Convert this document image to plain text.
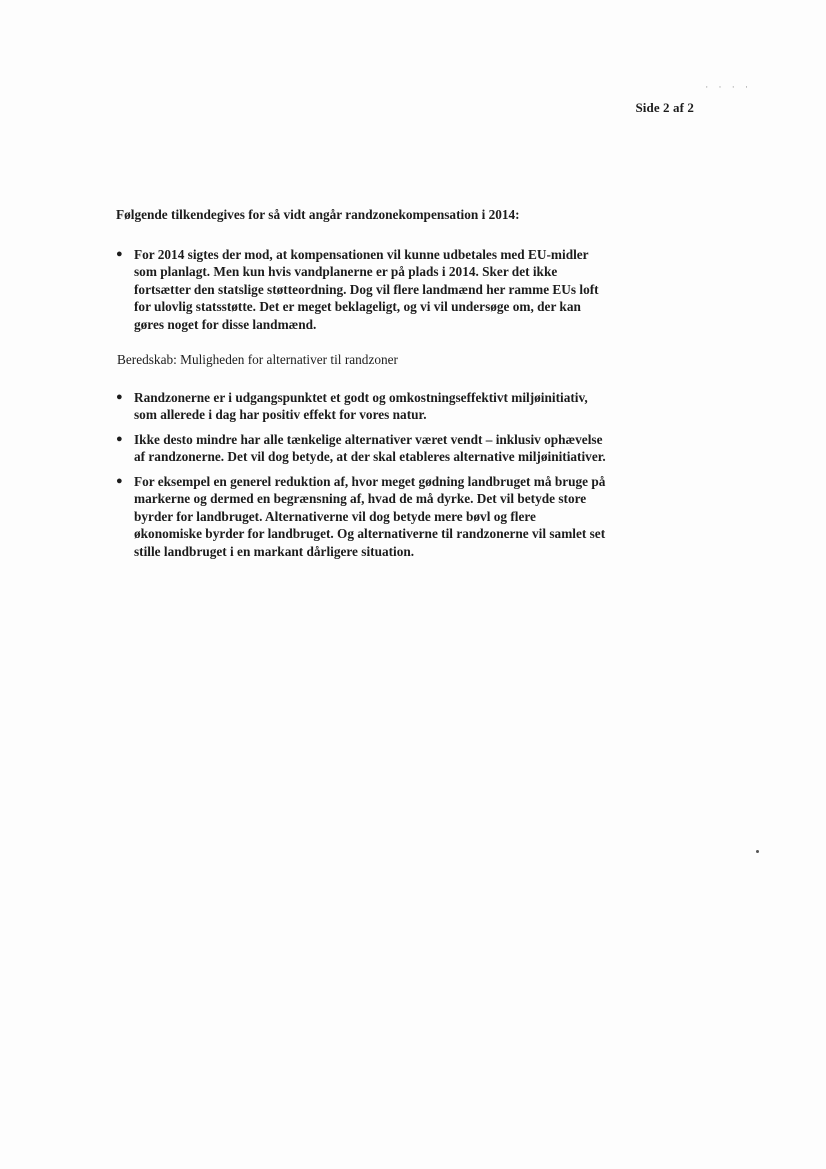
· · · ·
Side 2 af 2

Følgende tilkendegives for så vidt angår randzonekompensation i 2014:

● For 2014 sigtes der mod, at kompensationen vil kunne udbetales med EU-midler som planlagt. Men kun hvis vandplanerne er på plads i 2014. Sker det ikke fortsætter den statslige støtteordning. Dog vil flere landmænd her ramme EUs loft for ulovlig statsstøtte. Det er meget beklageligt, og vi vil undersøge om, der kan gøres noget for disse landmænd.

Beredskab: Muligheden for alternativer til randzoner

● Randzonerne er i udgangspunktet et godt og omkostningseffektivt miljøinitiativ, som allerede i dag har positiv effekt for vores natur.
● Ikke desto mindre har alle tænkelige alternativer været vendt – inklusiv ophævelse af randzonerne. Det vil dog betyde, at der skal etableres alternative miljøinitiativer.
● For eksempel en generel reduktion af, hvor meget gødning landbruget må bruge på markerne og dermed en begrænsning af, hvad de må dyrke. Det vil betyde store byrder for landbruget. Alternativerne vil dog betyde mere bøvl og flere økonomiske byrder for landbruget. Og alternativerne til randzonerne vil samlet set stille landbruget i en markant dårligere situation.
